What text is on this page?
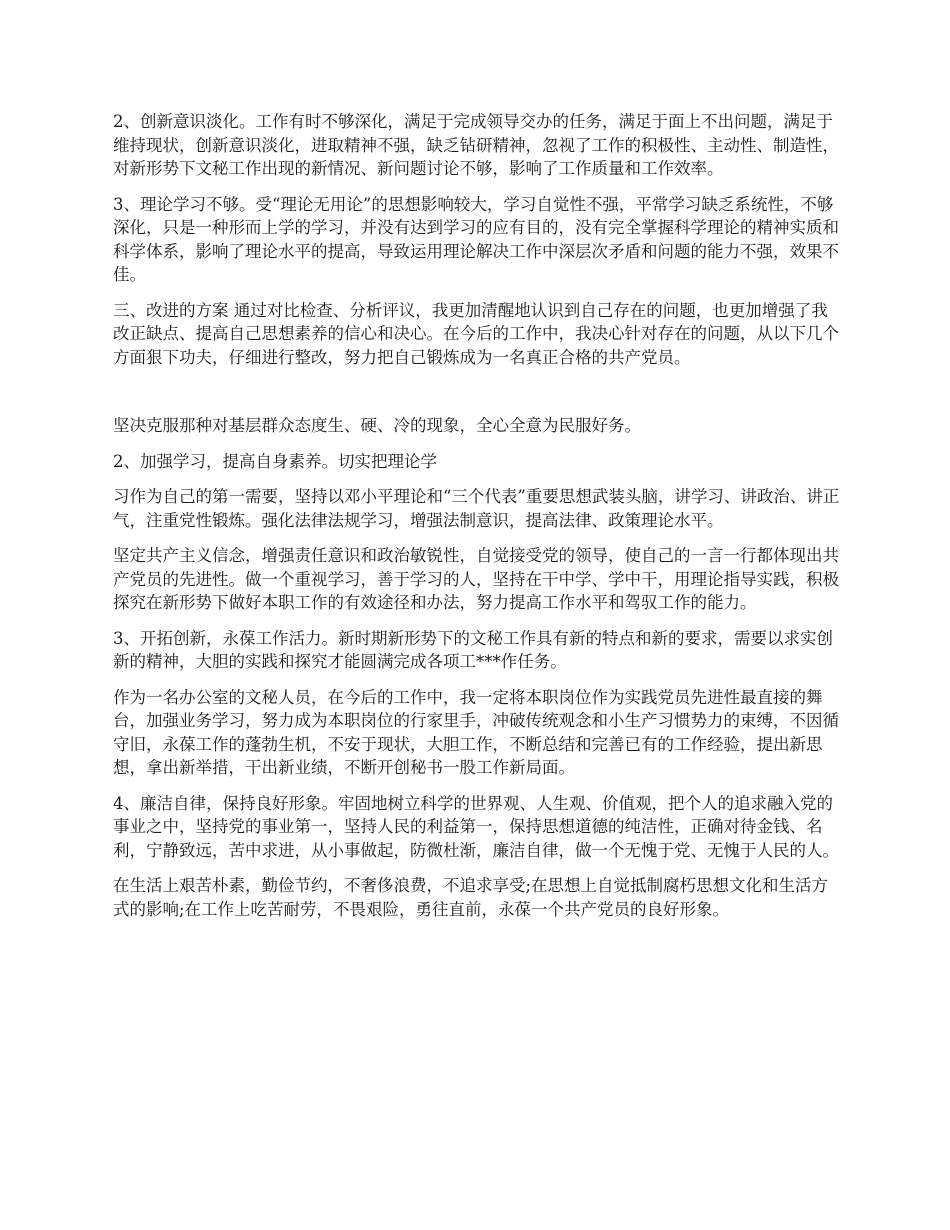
2、创新意识淡化。工作有时不够深化，满足于完成领导交办的任务，满足于面上不出问题，满足于维持现状，创新意识淡化，进取精神不强，缺乏钻研精神，忽视了工作的积极性、主动性、制造性，对新形势下文秘工作出现的新情况、新问题讨论不够，影响了工作质量和工作效率。

3、理论学习不够。受“理论无用论”的思想影响较大，学习自觉性不强，平常学习缺乏系统性，不够深化，只是一种形而上学的学习，并没有达到学习的应有目的，没有完全掌握科学理论的精神实质和科学体系，影响了理论水平的提高，导致运用理论解决工作中深层次矛盾和问题的能力不强，效果不佳。

三、改进的方案 通过对比检查、分析评议，我更加清醒地认识到自己存在的问题，也更加增强了我改正缺点、提高自己思想素养的信心和决心。在今后的工作中，我决心针对存在的问题，从以下几个方面狠下功夫，仔细进行整改，努力把自己锻炼成为一名真正合格的共产党员。

坚决克服那种对基层群众态度生、硬、冷的现象，全心全意为民服好务。

2、加强学习，提高自身素养。切实把理论学

习作为自己的第一需要，坚持以邓小平理论和“三个代表”重要思想武装头脑，讲学习、讲政治、讲正气，注重党性锻炼。强化法律法规学习，增强法制意识，提高法律、政策理论水平。

坚定共产主义信念，增强责任意识和政治敏锐性，自觉接受党的领导，使自己的一言一行都体现出共产党员的先进性。做一个重视学习，善于学习的人，坚持在干中学、学中干，用理论指导实践，积极探究在新形势下做好本职工作的有效途径和办法，努力提高工作水平和驾驭工作的能力。

3、开拓创新，永葆工作活力。新时期新形势下的文秘工作具有新的特点和新的要求，需要以求实创新的精神，大胆的实践和探究才能圆满完成各项工***作任务。

作为一名办公室的文秘人员，在今后的工作中，我一定将本职岗位作为实践党员先进性最直接的舞台，加强业务学习，努力成为本职岗位的行家里手，冲破传统观念和小生产习惯势力的束缚，不因循守旧，永葆工作的蓬勃生机，不安于现状，大胆工作，不断总结和完善已有的工作经验，提出新思想，拿出新举措，干出新业绩，不断开创秘书一股工作新局面。

4、廉洁自律，保持良好形象。牢固地树立科学的世界观、人生观、价值观，把个人的追求融入党的事业之中，坚持党的事业第一，坚持人民的利益第一，保持思想道德的纯洁性，正确对待金钱、名利，宁静致远，苦中求进，从小事做起，防微杜渐，廉洁自律，做一个无愧于党、无愧于人民的人。

在生活上艰苦朴素，勤俭节约，不奢侈浪费，不追求享受;在思想上自觉抵制腐朽思想文化和生活方式的影响;在工作上吃苦耐劳，不畏艰险，勇往直前，永葆一个共产党员的良好形象。
